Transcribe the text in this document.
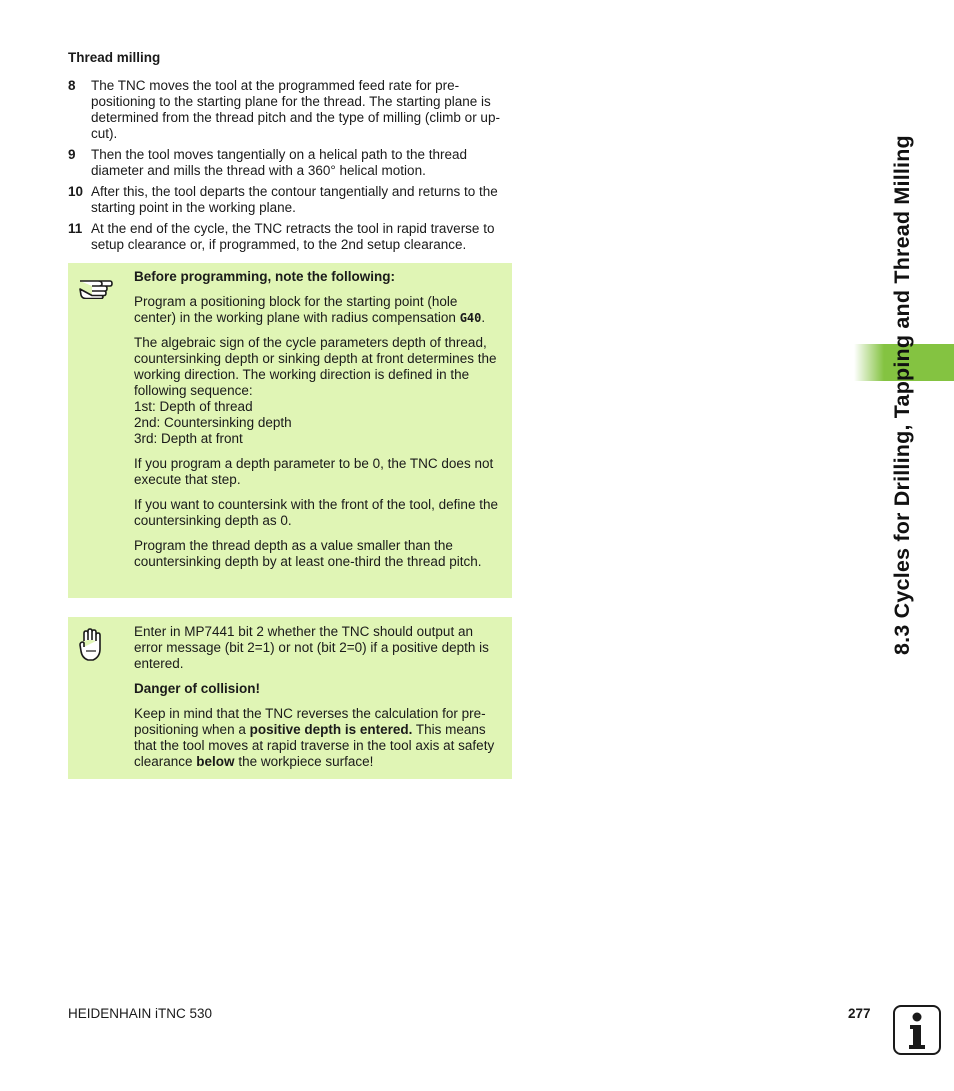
Thread milling
8 The TNC moves the tool at the programmed feed rate for pre-positioning to the starting plane for the thread. The starting plane is determined from the thread pitch and the type of milling (climb or up-cut).
9 Then the tool moves tangentially on a helical path to the thread diameter and mills the thread with a 360° helical motion.
10 After this, the tool departs the contour tangentially and returns to the starting point in the working plane.
11 At the end of the cycle, the TNC retracts the tool in rapid traverse to setup clearance or, if programmed, to the 2nd setup clearance.

Before programming, note the following:

Program a positioning block for the starting point (hole center) in the working plane with radius compensation G40.

The algebraic sign of the cycle parameters depth of thread, countersinking depth or sinking depth at front determines the working direction. The working direction is defined in the following sequence:
1st: Depth of thread
2nd: Countersinking depth
3rd: Depth at front

If you program a depth parameter to be 0, the TNC does not execute that step.

If you want to countersink with the front of the tool, define the countersinking depth as 0.

Program the thread depth as a value smaller than the countersinking depth by at least one-third the thread pitch.

Enter in MP7441 bit 2 whether the TNC should output an error message (bit 2=1) or not (bit 2=0) if a positive depth is entered.

Danger of collision!

Keep in mind that the TNC reverses the calculation for pre-positioning when a positive depth is entered. This means that the tool moves at rapid traverse in the tool axis at safety clearance below the workpiece surface!

8.3 Cycles for Drilling, Tapping and Thread Milling
HEIDENHAIN iTNC 530	277
